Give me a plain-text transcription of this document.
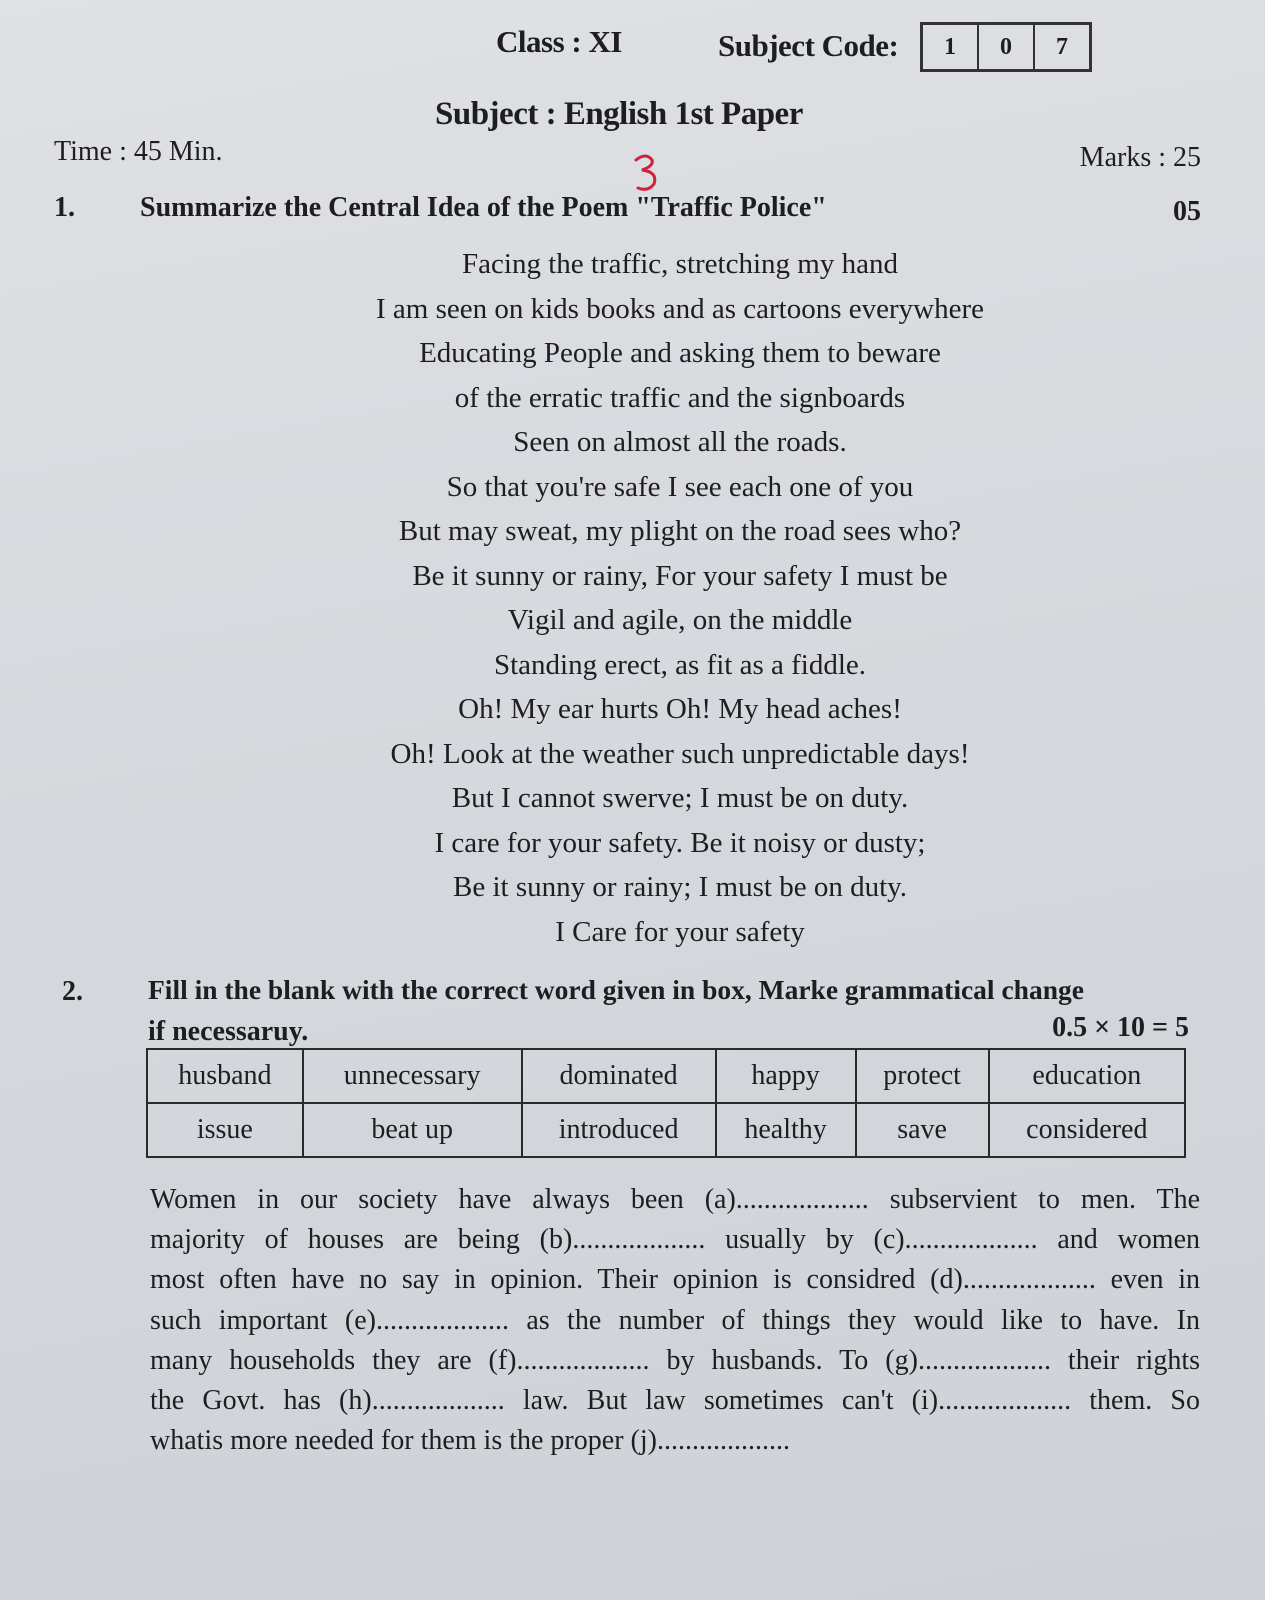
Class : XI	Subject Code:	1	0	7
Subject : English 1st Paper
Time : 45 Min.	Marks : 25
1. Summarize the Central Idea of the Poem "Traffic Police"	05
Facing the traffic, stretching my hand
I am seen on kids books and as cartoons everywhere
Educating People and asking them to beware
of the erratic traffic and the signboards
Seen on almost all the roads.
So that you're safe I see each one of you
But may sweat, my plight on the road sees who?
Be it sunny or rainy, For your safety I must be
Vigil and agile, on the middle
Standing erect, as fit as a fiddle.
Oh! My ear hurts Oh! My head aches!
Oh! Look at the weather such unpredictable days!
But I cannot swerve; I must be on duty.
I care for your safety. Be it noisy or dusty;
Be it sunny or rainy; I must be on duty.
I Care for your safety
2. Fill in the blank with the correct word given in box, Marke grammatical change
if necessaruy.	0.5 × 10 = 5
husband	unnecessary	dominated	happy	protect	education
issue	beat up	introduced	healthy	save	considered
Women in our society have always been (a)................... subservient to men. The
majority of houses are being (b)................... usually by (c)................... and women
most often have no say in opinion. Their opinion is considred (d)................... even in
such important (e)................... as the number of things they would like to have. In
many households they are (f)................... by husbands. To (g)................... their rights
the Govt. has (h)................... law. But law sometimes can't (i)................... them. So
whatis more needed for them is the proper (j)...................
